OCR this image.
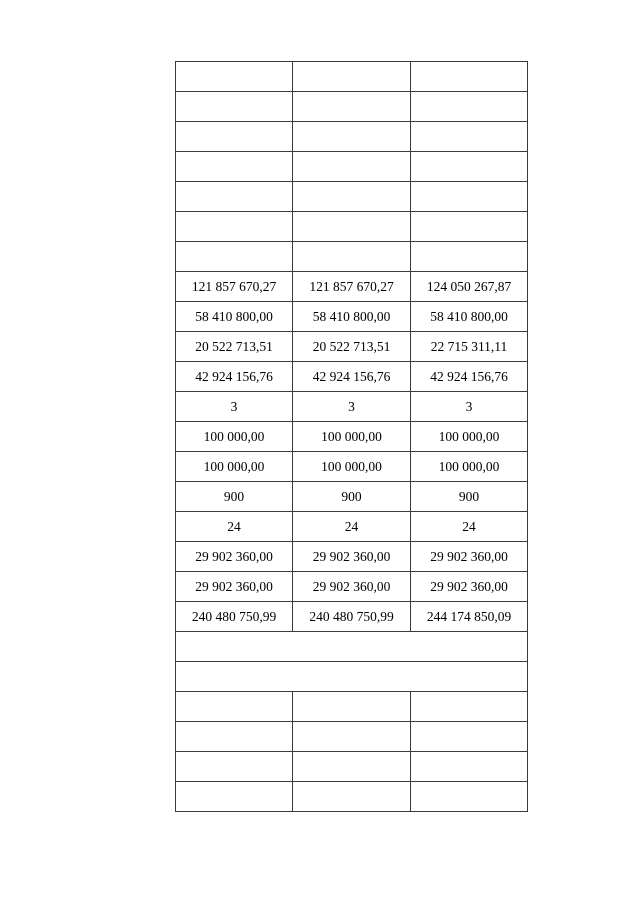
121 857 670,27	121 857 670,27	124 050 267,87
58 410 800,00	58 410 800,00	58 410 800,00
20 522 713,51	20 522 713,51	22 715 311,11
42 924 156,76	42 924 156,76	42 924 156,76
3	3	3
100 000,00	100 000,00	100 000,00
100 000,00	100 000,00	100 000,00
900	900	900
24	24	24
29 902 360,00	29 902 360,00	29 902 360,00
29 902 360,00	29 902 360,00	29 902 360,00
240 480 750,99	240 480 750,99	244 174 850,09
